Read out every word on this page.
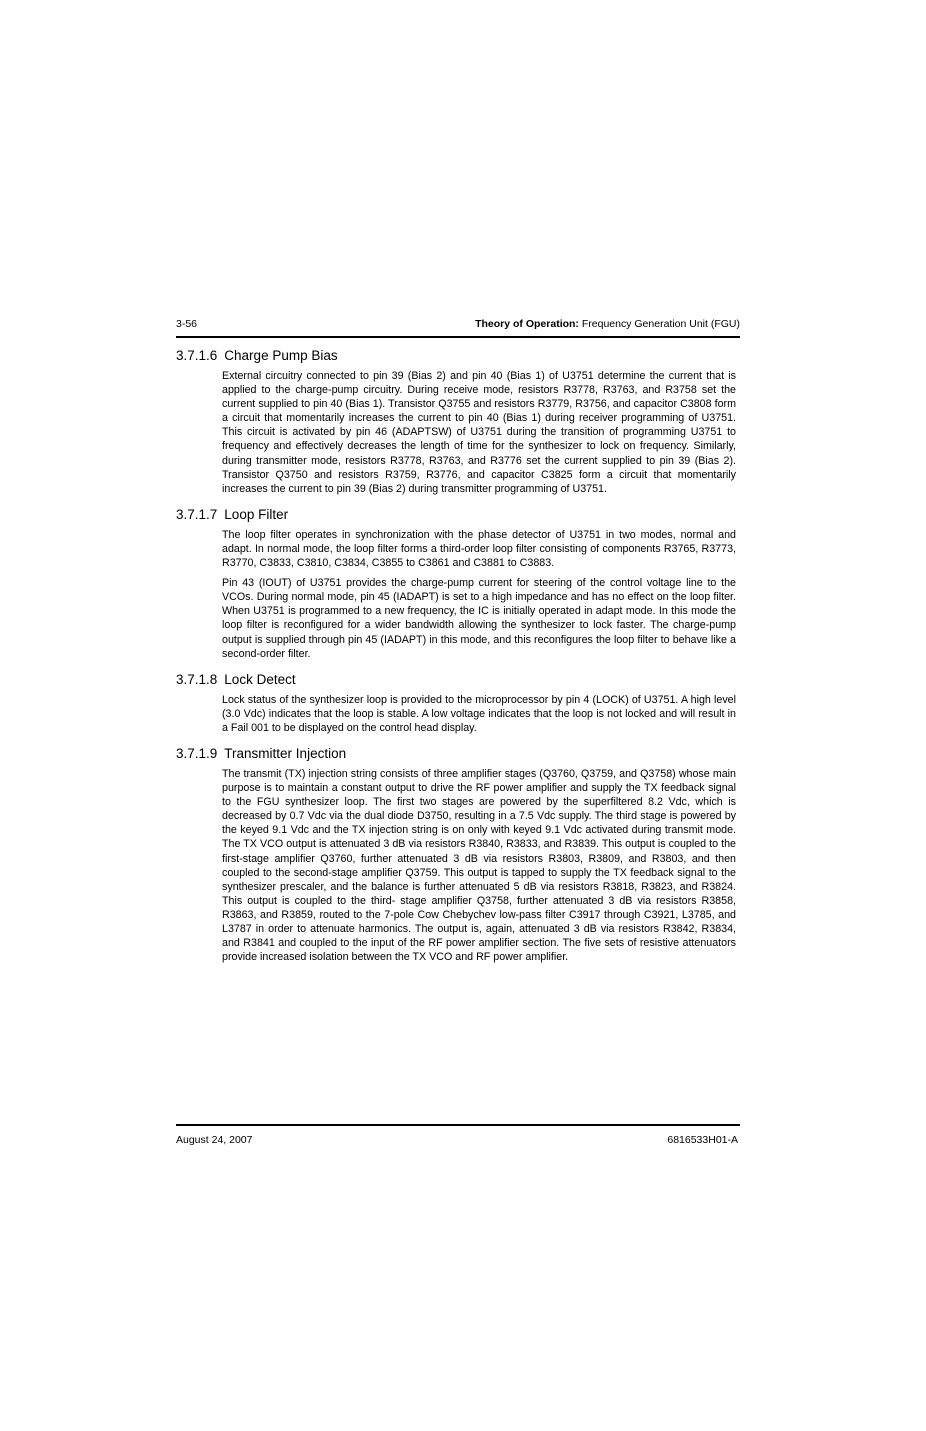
3-56	Theory of Operation: Frequency Generation Unit (FGU)
3.7.1.6 Charge Pump Bias

External circuitry connected to pin 39 (Bias 2) and pin 40 (Bias 1) of U3751 determine the current that is applied to the charge-pump circuitry. During receive mode, resistors R3778, R3763, and R3758 set the current supplied to pin 40 (Bias 1). Transistor Q3755 and resistors R3779, R3756, and capacitor C3808 form a circuit that momentarily increases the current to pin 40 (Bias 1) during receiver programming of U3751. This circuit is activated by pin 46 (ADAPTSW) of U3751 during the transition of programming U3751 to frequency and effectively decreases the length of time for the synthesizer to lock on frequency. Similarly, during transmitter mode, resistors R3778, R3763, and R3776 set the current supplied to pin 39 (Bias 2). Transistor Q3750 and resistors R3759, R3776, and capacitor C3825 form a circuit that momentarily increases the current to pin 39 (Bias 2) during transmitter programming of U3751.

3.7.1.7 Loop Filter

The loop filter operates in synchronization with the phase detector of U3751 in two modes, normal and adapt. In normal mode, the loop filter forms a third-order loop filter consisting of components R3765, R3773, R3770, C3833, C3810, C3834, C3855 to C3861 and C3881 to C3883.

Pin 43 (IOUT) of U3751 provides the charge-pump current for steering of the control voltage line to the VCOs. During normal mode, pin 45 (IADAPT) is set to a high impedance and has no effect on the loop filter. When U3751 is programmed to a new frequency, the IC is initially operated in adapt mode. In this mode the loop filter is reconfigured for a wider bandwidth allowing the synthesizer to lock faster. The charge-pump output is supplied through pin 45 (IADAPT) in this mode, and this reconfigures the loop filter to behave like a second-order filter.

3.7.1.8 Lock Detect

Lock status of the synthesizer loop is provided to the microprocessor by pin 4 (LOCK) of U3751. A high level (3.0 Vdc) indicates that the loop is stable. A low voltage indicates that the loop is not locked and will result in a Fail 001 to be displayed on the control head display.

3.7.1.9 Transmitter Injection

The transmit (TX) injection string consists of three amplifier stages (Q3760, Q3759, and Q3758) whose main purpose is to maintain a constant output to drive the RF power amplifier and supply the TX feedback signal to the FGU synthesizer loop. The first two stages are powered by the superfiltered 8.2 Vdc, which is decreased by 0.7 Vdc via the dual diode D3750, resulting in a 7.5 Vdc supply. The third stage is powered by the keyed 9.1 Vdc and the TX injection string is on only with keyed 9.1 Vdc activated during transmit mode. The TX VCO output is attenuated 3 dB via resistors R3840, R3833, and R3839. This output is coupled to the first-stage amplifier Q3760, further attenuated 3 dB via resistors R3803, R3809, and R3803, and then coupled to the second-stage amplifier Q3759. This output is tapped to supply the TX feedback signal to the synthesizer prescaler, and the balance is further attenuated 5 dB via resistors R3818, R3823, and R3824. This output is coupled to the third- stage amplifier Q3758, further attenuated 3 dB via resistors R3858, R3863, and R3859, routed to the 7-pole Cow Chebychev low-pass filter C3917 through C3921, L3785, and L3787 in order to attenuate harmonics. The output is, again, attenuated 3 dB via resistors R3842, R3834, and R3841 and coupled to the input of the RF power amplifier section. The five sets of resistive attenuators provide increased isolation between the TX VCO and RF power amplifier.

August 24, 2007	6816533H01-A
